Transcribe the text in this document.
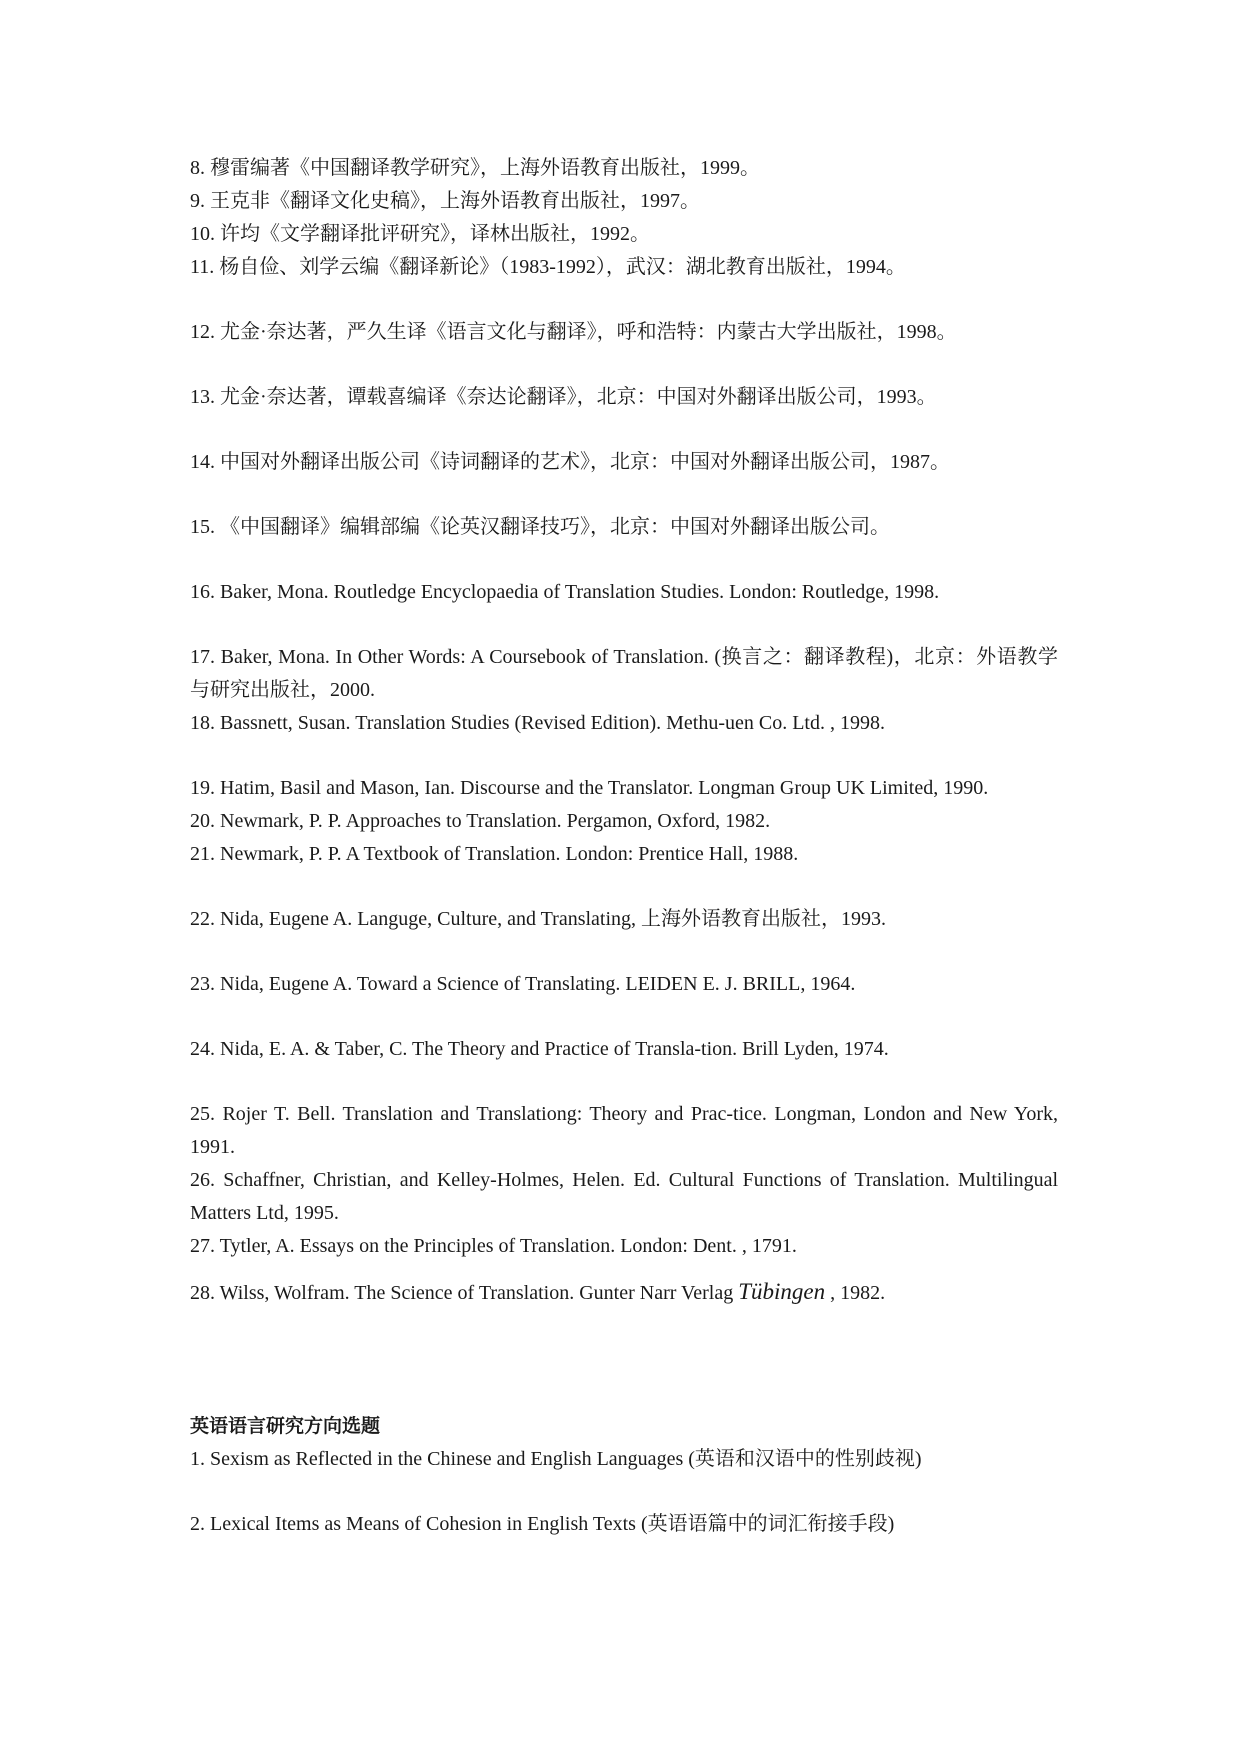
8. 穆雷编著《中国翻译教学研究》，上海外语教育出版社，1999。

9. 王克非《翻译文化史稿》，上海外语教育出版社，1997。

10. 许均《文学翻译批评研究》，译林出版社，1992。

11. 杨自俭、刘学云编《翻译新论》（1983-1992），武汉：湖北教育出版社，1994。

12. 尤金·奈达著，严久生译《语言文化与翻译》，呼和浩特：内蒙古大学出版社，1998。

13. 尤金·奈达著，谭载喜编译《奈达论翻译》，北京：中国对外翻译出版公司，1993。

14. 中国对外翻译出版公司《诗词翻译的艺术》，北京：中国对外翻译出版公司，1987。

15. 《中国翻译》编辑部编《论英汉翻译技巧》，北京：中国对外翻译出版公司。

16. Baker, Mona. Routledge Encyclopaedia of Translation Studies. London: Routledge, 1998.

17. Baker, Mona. In Other Words: A Coursebook of Translation. (换言之：翻译教程)，北京：外语教学与研究出版社，2000.

18. Bassnett, Susan. Translation Studies (Revised Edition). Methu-uen Co. Ltd. , 1998.

19. Hatim, Basil and Mason, Ian. Discourse and the Translator. Longman Group UK Limited, 1990.

20. Newmark, P. P. Approaches to Translation. Pergamon, Oxford, 1982.

21. Newmark, P. P. A Textbook of Translation. London: Prentice Hall, 1988.

22. Nida, Eugene A. Languge, Culture, and Translating, 上海外语教育出版社，1993.

23. Nida, Eugene A. Toward a Science of Translating. LEIDEN E. J. BRILL, 1964.

24. Nida, E. A. & Taber, C. The Theory and Practice of Transla-tion. Brill Lyden, 1974.

25. Rojer T. Bell. Translation and Translationg: Theory and Prac-tice. Longman, London and New York, 1991.

26. Schaffner, Christian, and Kelley-Holmes, Helen. Ed. Cultural Functions of Translation. Multilingual Matters Ltd, 1995.

27. Tytler, A. Essays on the Principles of Translation. London: Dent. , 1791.

28. Wilss, Wolfram. The Science of Translation. Gunter Narr Verlag Tübingen , 1982.

英语语言研究方向选题

1. Sexism as Reflected in the Chinese and English Languages (英语和汉语中的性别歧视)

2. Lexical Items as Means of Cohesion in English Texts (英语语篇中的词汇衔接手段)
